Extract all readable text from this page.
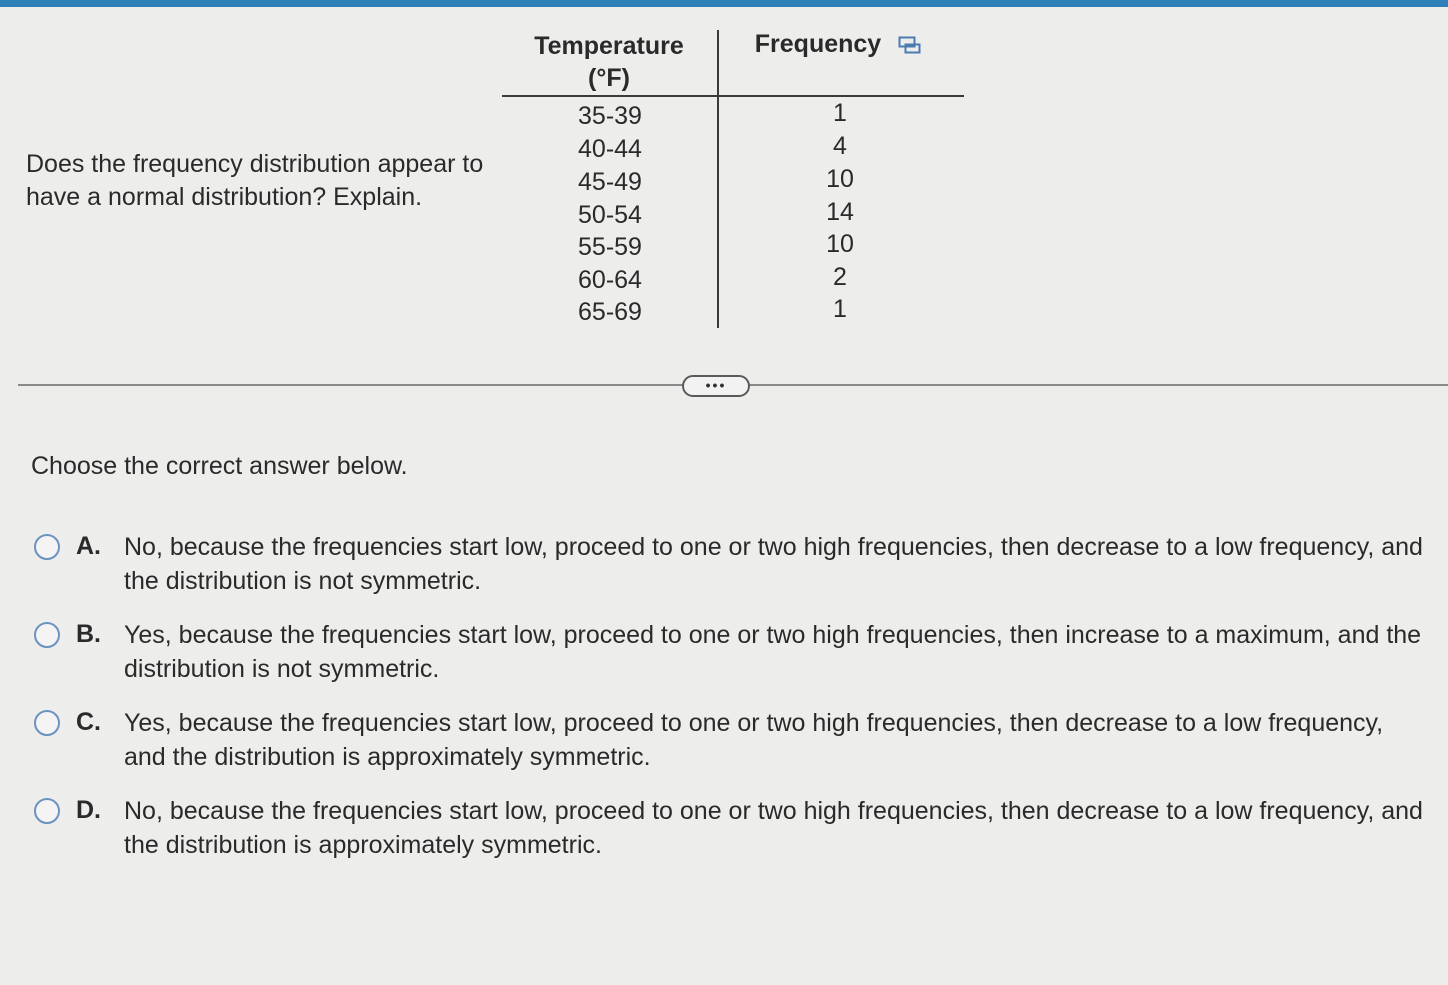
Does the frequency distribution appear to have a normal distribution? Explain.
Temperature
(°F)
Frequency
35-39	1
40-44	4
45-49	10
50-54	14
55-59	10
60-64	2
65-69	1
•••
Choose the correct answer below.
A. No, because the frequencies start low, proceed to one or two high frequencies, then decrease to a low frequency, and the distribution is not symmetric.
B. Yes, because the frequencies start low, proceed to one or two high frequencies, then increase to a maximum, and the distribution is not symmetric.
C. Yes, because the frequencies start low, proceed to one or two high frequencies, then decrease to a low frequency, and the distribution is approximately symmetric.
D. No, because the frequencies start low, proceed to one or two high frequencies, then decrease to a low frequency, and the distribution is approximately symmetric.
